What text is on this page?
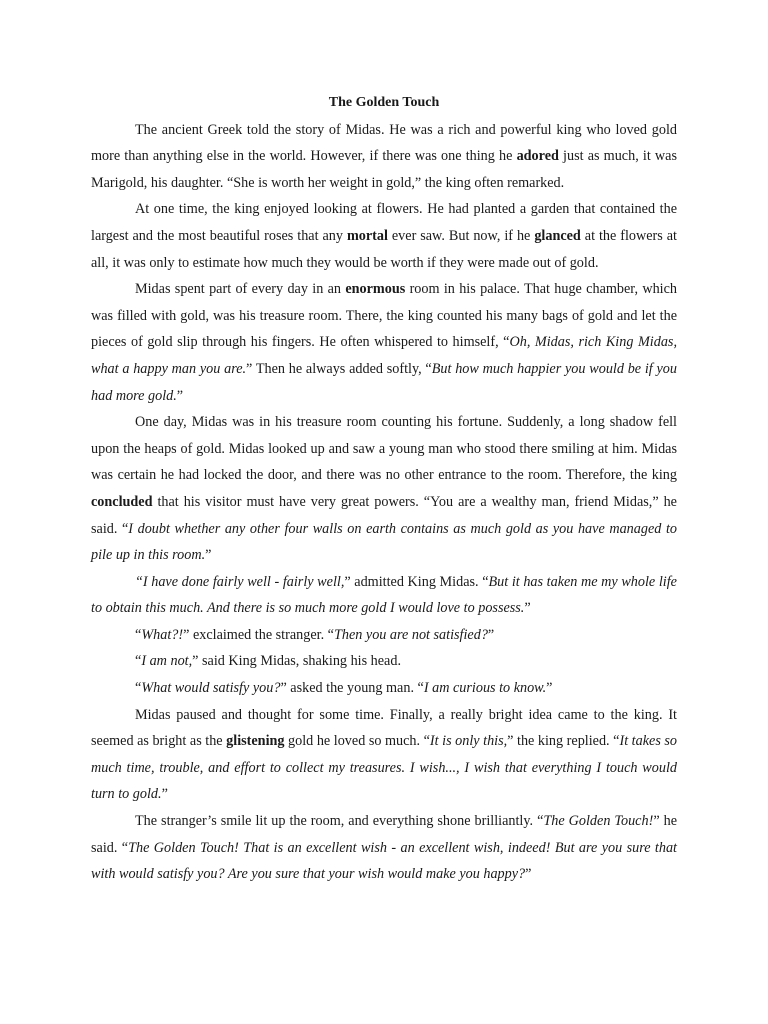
The Golden Touch

The ancient Greek told the story of Midas. He was a rich and powerful king who loved gold more than anything else in the world. However, if there was one thing he adored just as much, it was Marigold, his daughter. “She is worth her weight in gold,” the king often remarked.

At one time, the king enjoyed looking at flowers. He had planted a garden that contained the largest and the most beautiful roses that any mortal ever saw. But now, if he glanced at the flowers at all, it was only to estimate how much they would be worth if they were made out of gold.

Midas spent part of every day in an enormous room in his palace. That huge chamber, which was filled with gold, was his treasure room. There, the king counted his many bags of gold and let the pieces of gold slip through his fingers. He often whispered to himself, “Oh, Midas, rich King Midas, what a happy man you are.” Then he always added softly, “But how much happier you would be if you had more gold.”

One day, Midas was in his treasure room counting his fortune. Suddenly, a long shadow fell upon the heaps of gold. Midas looked up and saw a young man who stood there smiling at him. Midas was certain he had locked the door, and there was no other entrance to the room. Therefore, the king concluded that his visitor must have very great powers. “You are a wealthy man, friend Midas,” he said. “I doubt whether any other four walls on earth contains as much gold as you have managed to pile up in this room.”

“I have done fairly well - fairly well,” admitted King Midas. “But it has taken me my whole life to obtain this much. And there is so much more gold I would love to possess.”

“What?!” exclaimed the stranger. “Then you are not satisfied?”

“I am not,” said King Midas, shaking his head.

“What would satisfy you?” asked the young man. “I am curious to know.”

Midas paused and thought for some time. Finally, a really bright idea came to the king. It seemed as bright as the glistening gold he loved so much. “It is only this,” the king replied. “It takes so much time, trouble, and effort to collect my treasures. I wish..., I wish that everything I touch would turn to gold.”

The stranger’s smile lit up the room, and everything shone brilliantly. “The Golden Touch!” he said. “The Golden Touch! That is an excellent wish - an excellent wish, indeed! But are you sure that with would satisfy you? Are you sure that your wish would make you happy?”
